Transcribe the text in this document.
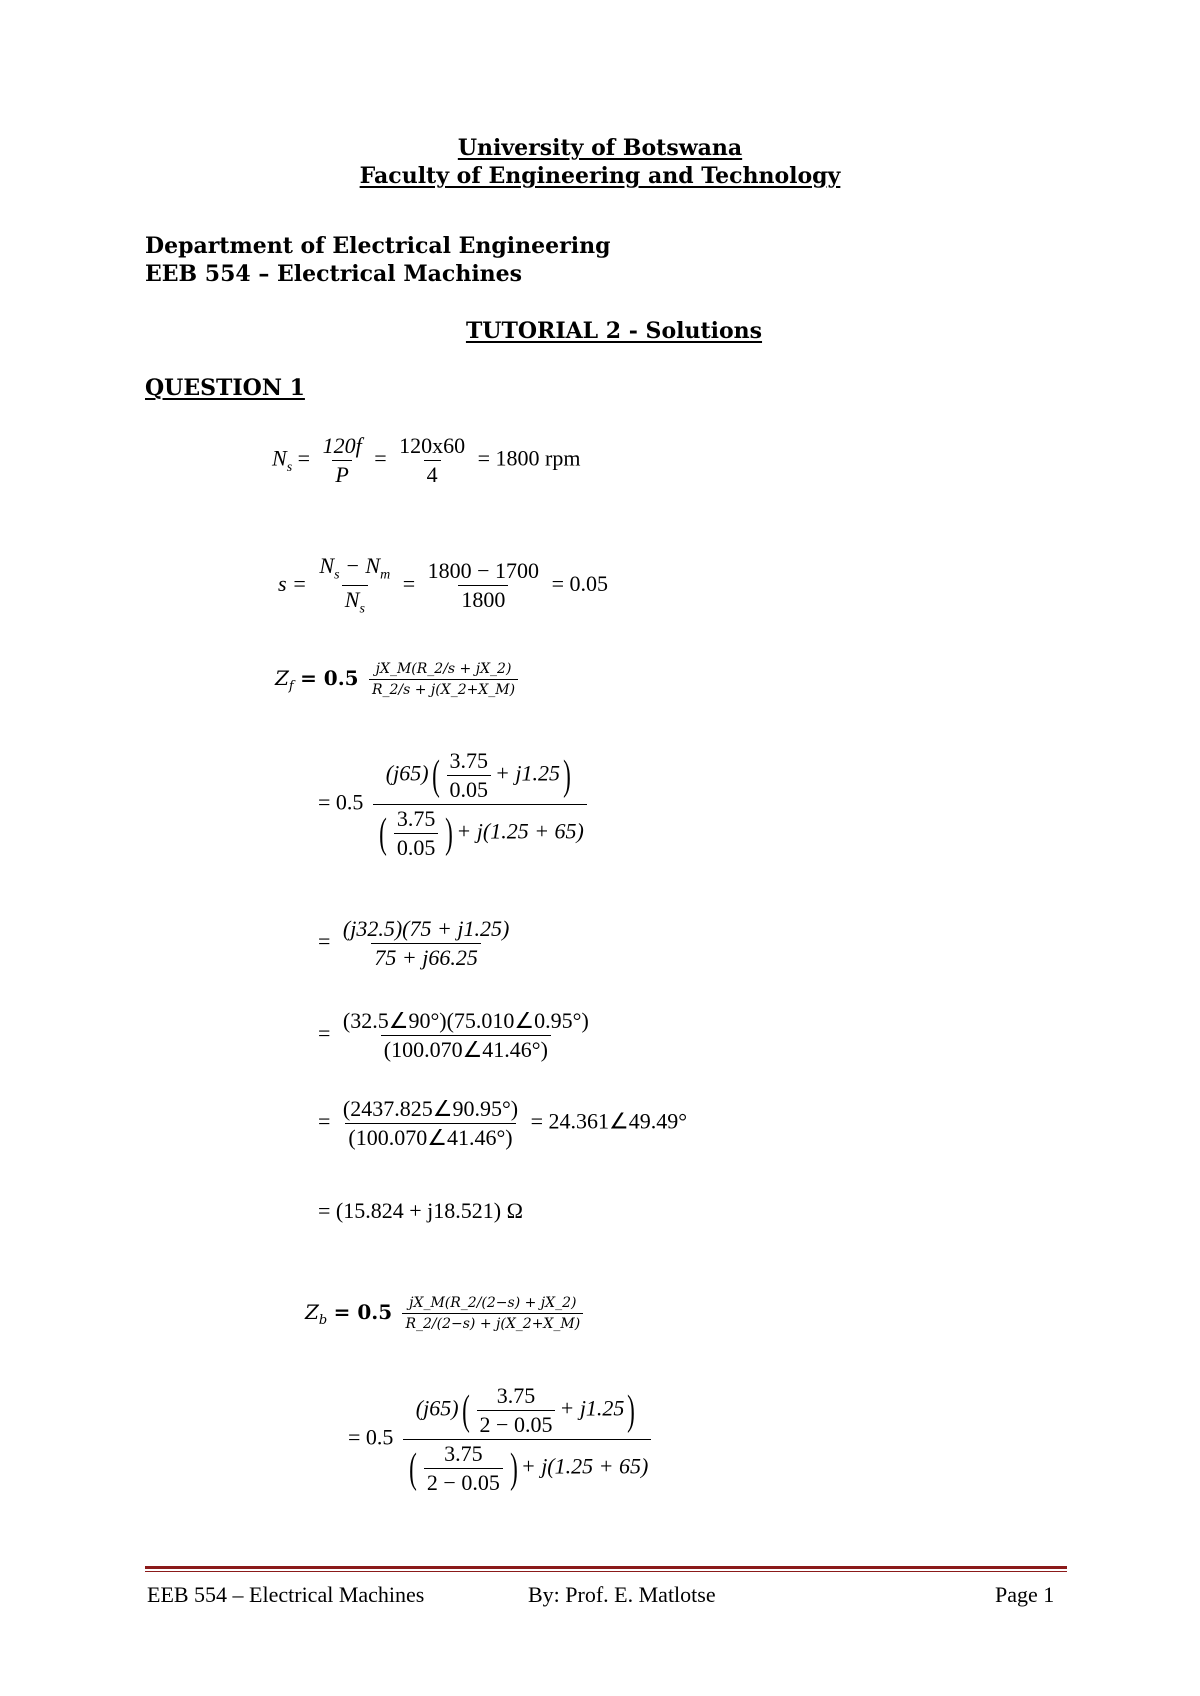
University of Botswana
Faculty of Engineering and Technology
Department of Electrical Engineering
EEB 554 – Electrical Machines
TUTORIAL 2 - Solutions
QUESTION 1
$N_s = \frac{120f}{P} = \frac{120x60}{4} = 1800$ rpm
$s = \frac{N_s - N_m}{N_s} = \frac{1800 - 1700}{1800} = 0.05$
$Z_f = 0.5 \frac{jX\_M(R\_2/s + jX\_2)}{R\_2/s + j(X\_2+X\_M)}$
= $0.5 \frac{(j65)( \frac{3.75}{0.05} + j1.25)}{( \frac{3.75}{0.05} ) + j(1.25 + 65)}$
= $\frac{(j32.5)(75 + j1.25)}{75 + j66.25}$
= $\frac{(32.5\angle 90^\circ)(75.010\angle 0.95^\circ)}{(100.070\angle 41.46^\circ)}$
= $\frac{(2437.825\angle 90.95^\circ)}{(100.070\angle 41.46^\circ)}$ = 24.361∠49.49°
= (15.824 + j18.521) Ω
$Z_b = 0.5 \frac{jX\_M(R\_2/(2-s) + jX\_2)}{R\_2/(2-s) + j(X\_2+X\_M)}$
= $0.5 \frac{(j65)( \frac{3.75}{2 - 0.05} + j1.25)}{( \frac{3.75}{2 - 0.05} ) + j(1.25 + 65)}$
EEB 554 – Electrical Machines	By: Prof. E. Matlotse	Page 1
